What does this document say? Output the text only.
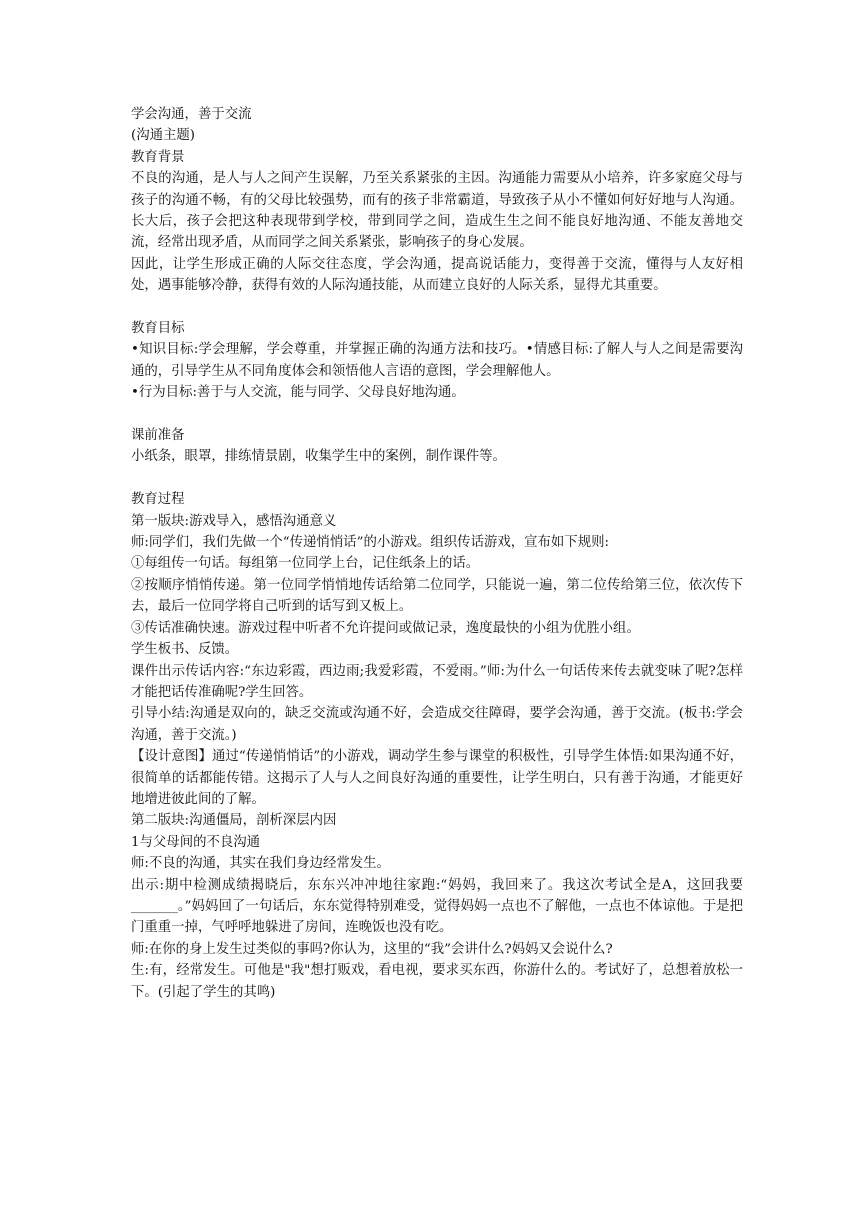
学会沟通，善于交流

(沟通主题)

教育背景

不良的沟通，是人与人之间产生误解，乃至关系紧张的主因。沟通能力需要从小培养，许多家庭父母与孩子的沟通不畅，有的父母比较强势，而有的孩子非常霸道，导致孩子从小不懂如何好好地与人沟通。长大后，孩子会把这种表现带到学校，带到同学之间，造成生生之间不能良好地沟通、不能友善地交流，经常出现矛盾，从而同学之间关系紧张，影响孩子的身心发展。

因此，让学生形成正确的人际交往态度，学会沟通，提高说话能力，变得善于交流，懂得与人友好相处，遇事能够冷静，获得有效的人际沟通技能，从而建立良好的人际关系，显得尤其重要。

教育目标

•知识目标:学会理解，学会尊重，并掌握正确的沟通方法和技巧。•情感目标:了解人与人之间是需要沟通的，引导学生从不同角度体会和领悟他人言语的意图，学会理解他人。

•行为目标:善于与人交流，能与同学、父母良好地沟通。

课前准备

小纸条，眼罩，排练情景剧，收集学生中的案例，制作课件等。

教育过程

第一版块:游戏导入，感悟沟通意义

师:同学们，我们先做一个“传递悄悄话”的小游戏。组织传话游戏，宣布如下规则:

①每组传一句话。每组第一位同学上台，记住纸条上的话。

②按顺序悄悄传递。第一位同学悄悄地传话给第二位同学，只能说一遍，第二位传给第三位，依次传下去，最后一位同学将自己听到的话写到又板上。

③传话准确快速。游戏过程中听者不允许提问或做记录，逸度最快的小组为优胜小组。

学生板书、反馈。

课件出示传话内容:“东边彩霞，西边雨;我爱彩霞，不爱雨。”师:为什么一句话传来传去就变味了呢?怎样才能把话传准确呢?学生回答。

引导小结:沟通是双向的，缺乏交流或沟通不好，会造成交往障碍，要学会沟通，善于交流。(板书:学会沟通，善于交流。)

【设计意图】通过“传递悄悄话”的小游戏，调动学生参与课堂的积极性，引导学生体悟:如果沟通不好，很简单的话都能传错。这揭示了人与人之间良好沟通的重要性，让学生明白，只有善于沟通，才能更好地增进彼此间的了解。

第二版块:沟通僵局，剖析深层内因

1与父母间的不良沟通

师:不良的沟通，其实在我们身边经常发生。

出示:期中检测成绩揭晓后，东东兴冲冲地往家跑:“妈妈，我回来了。我这次考试全是A，这回我要_______。”妈妈回了一句话后，东东觉得特别难受，觉得妈妈一点也不了解他，一点也不体谅他。于是把门重重一掉，气呼呼地躲进了房间，连晚饭也没有吃。

师:在你的身上发生过类似的事吗?你认为，这里的“我”会讲什么?妈妈又会说什么?

生:有，经常发生。可他是"我"想打贩戏，看电视，要求买东西，你游什么的。考试好了，总想着放松一下。(引起了学生的其鸣)
